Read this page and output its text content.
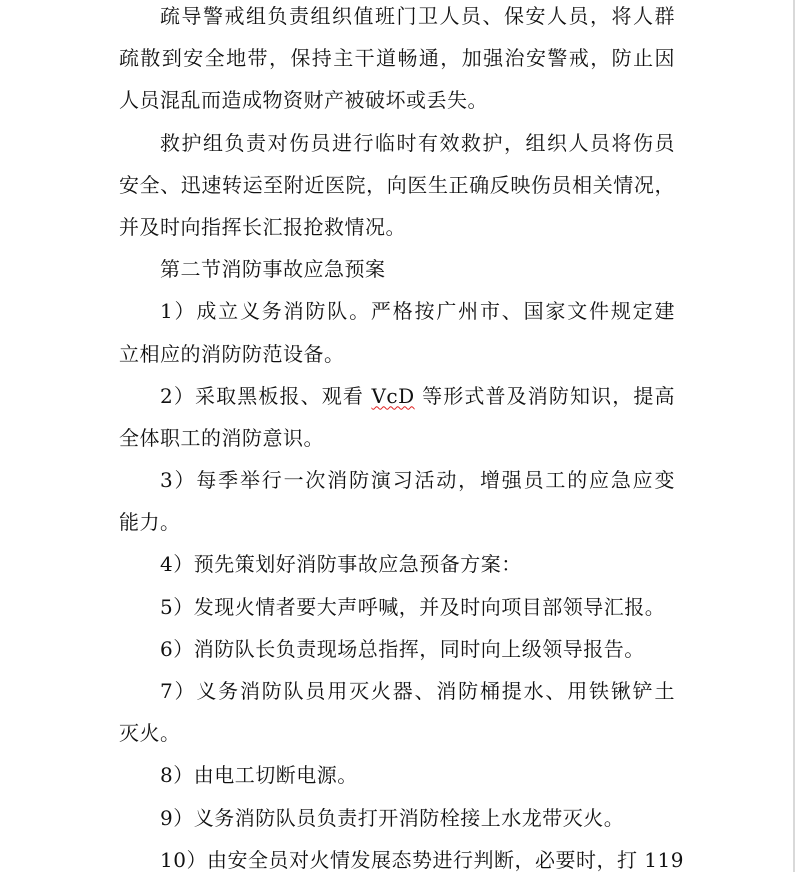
疏导警戒组负责组织值班门卫人员、保安人员，将人群
疏散到安全地带，保持主干道畅通，加强治安警戒，防止因
人员混乱而造成物资财产被破坏或丢失。
救护组负责对伤员进行临时有效救护，组织人员将伤员
安全、迅速转运至附近医院，向医生正确反映伤员相关情况，
并及时向指挥长汇报抢救情况。
第二节消防事故应急预案
1）成立义务消防队。严格按广州市、国家文件规定建
立相应的消防防范设备。
2）采取黑板报、观看 VcD 等形式普及消防知识，提高
全体职工的消防意识。
3）每季举行一次消防演习活动，增强员工的应急应变
能力。
4）预先策划好消防事故应急预备方案：
5）发现火情者要大声呼喊，并及时向项目部领导汇报。
6）消防队长负责现场总指挥，同时向上级领导报告。
7）义务消防队员用灭火器、消防桶提水、用铁锹铲土
灭火。
8）由电工切断电源。
9）义务消防队员负责打开消防栓接上水龙带灭火。
10）由安全员对火情发展态势进行判断，必要时，打 119
